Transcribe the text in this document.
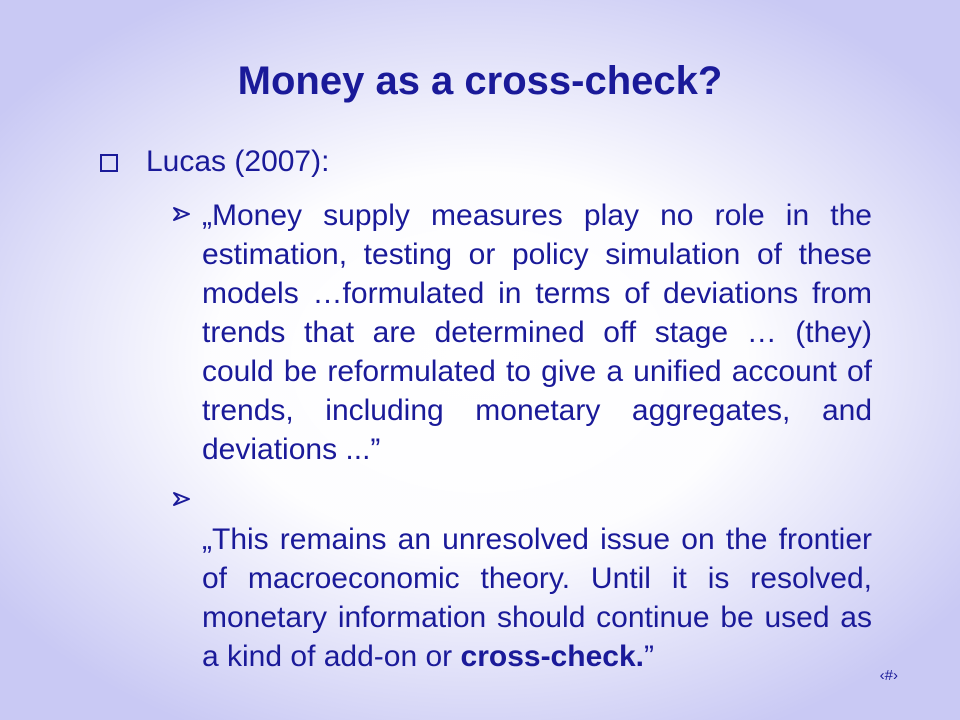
Money as a cross-check?
Lucas (2007):
„Money supply measures play no role in the estimation, testing or policy simulation of these models …formulated in terms of deviations from trends that are determined off stage … (they) could be reformulated to give a unified account of trends, including monetary aggregates, and deviations ...”

„This remains an unresolved issue on the frontier of macroeconomic theory. Until it is resolved, monetary information should continue be used as a kind of add-on or cross-check.”

‹#›
